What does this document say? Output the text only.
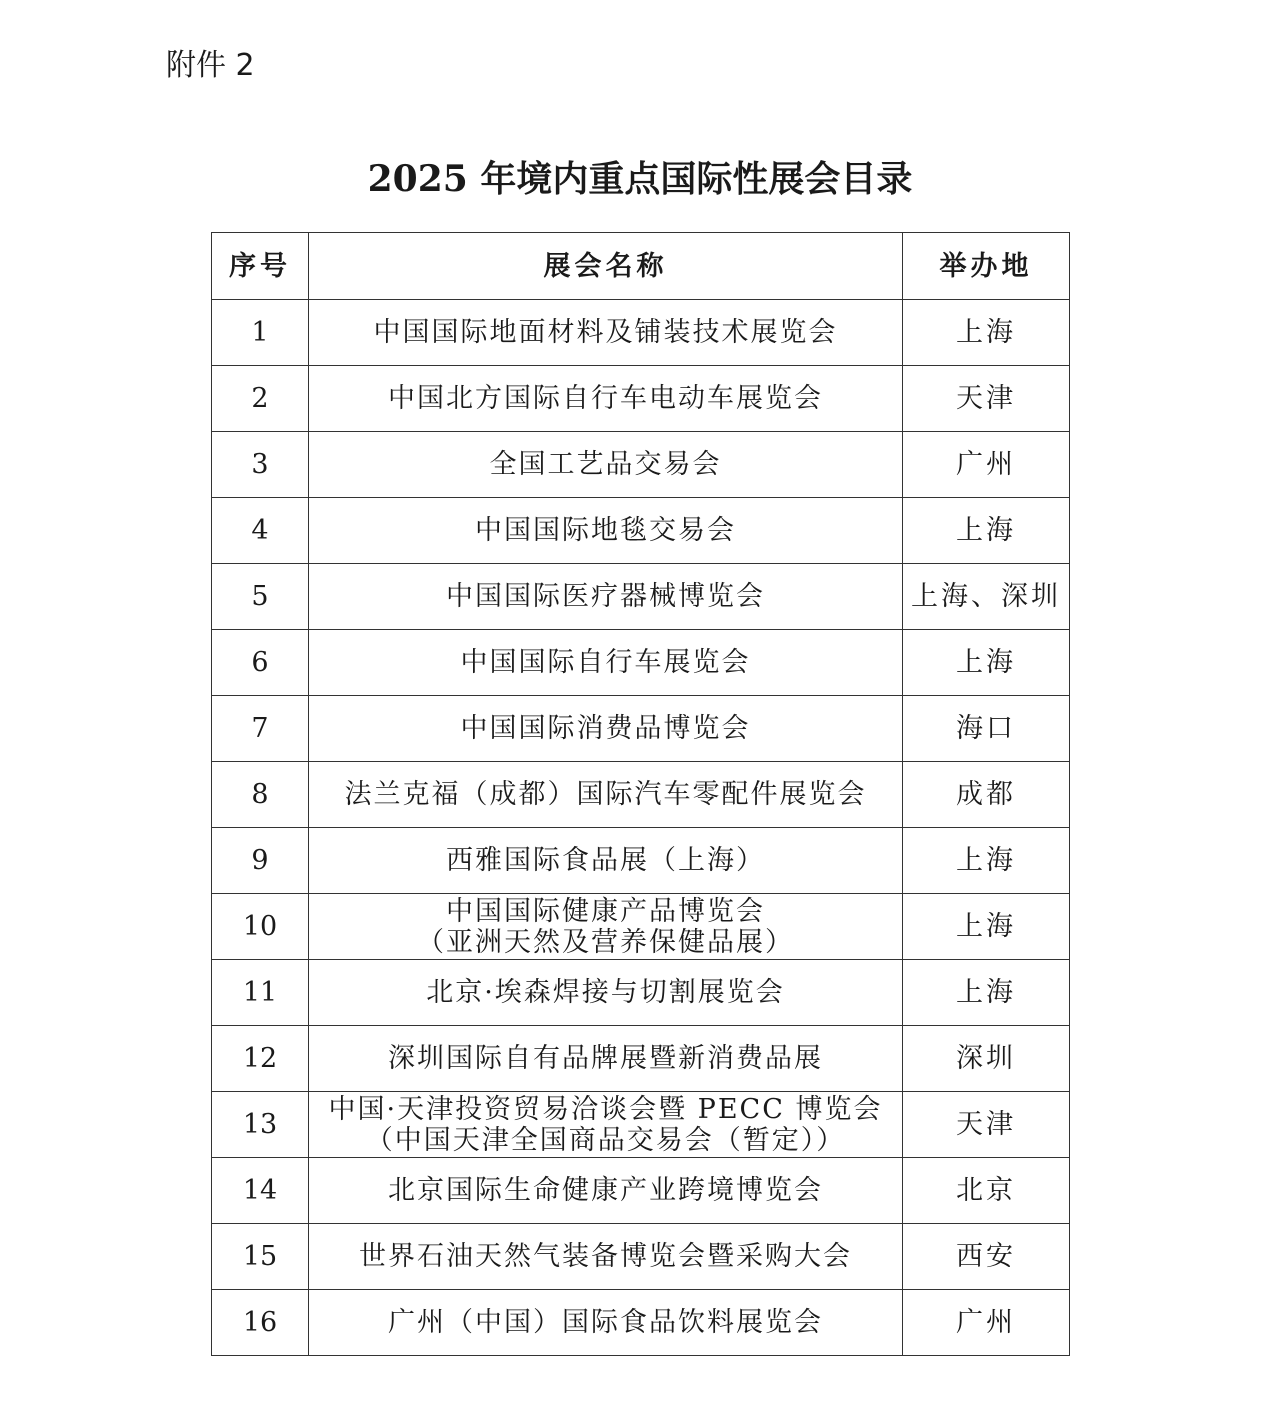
附件 2
2025 年境内重点国际性展会目录
序号	展会名称	举办地
1	中国国际地面材料及铺装技术展览会	上海
2	中国北方国际自行车电动车展览会	天津
3	全国工艺品交易会	广州
4	中国国际地毯交易会	上海
5	中国国际医疗器械博览会	上海、深圳
6	中国国际自行车展览会	上海
7	中国国际消费品博览会	海口
8	法兰克福（成都）国际汽车零配件展览会	成都
9	西雅国际食品展（上海）	上海
10	中国国际健康产品博览会
（亚洲天然及营养保健品展）	上海
11	北京·埃森焊接与切割展览会	上海
12	深圳国际自有品牌展暨新消费品展	深圳
13	中国·天津投资贸易洽谈会暨 PECC 博览会
（中国天津全国商品交易会（暂定））	天津
14	北京国际生命健康产业跨境博览会	北京
15	世界石油天然气装备博览会暨采购大会	西安
16	广州（中国）国际食品饮料展览会	广州
